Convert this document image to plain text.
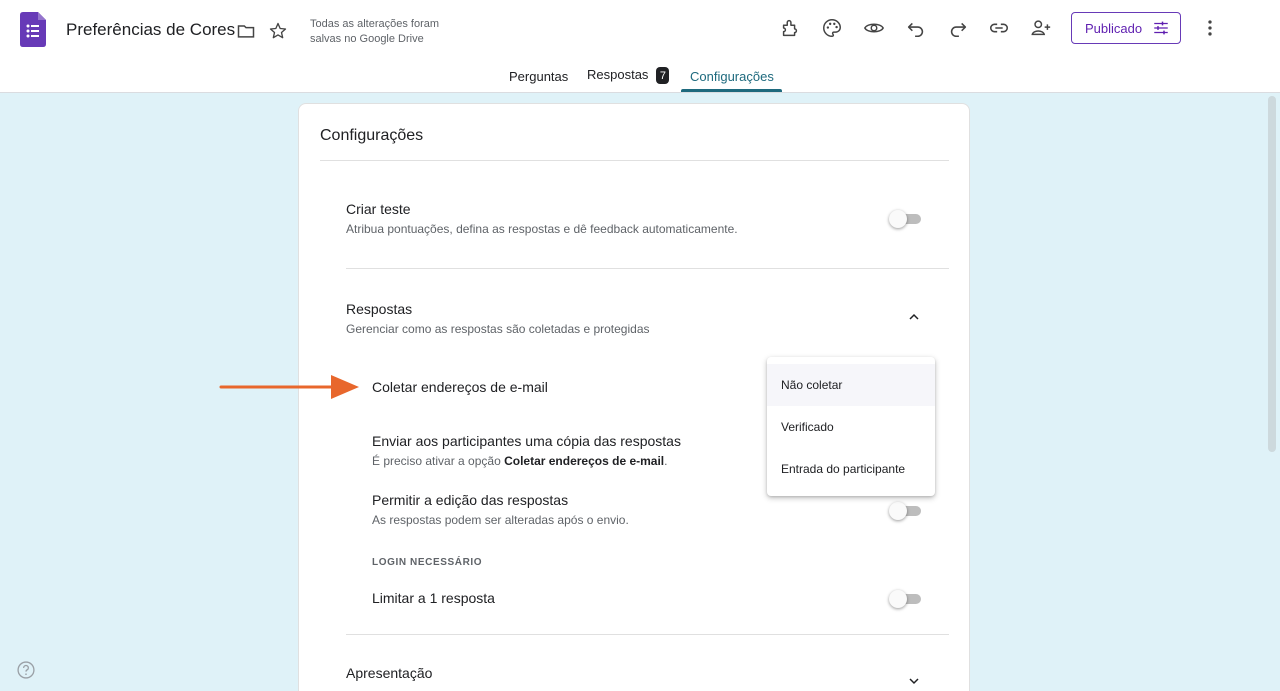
Preferências de Cores	Todas as alterações foram salvas no Google Drive
Publicado
Perguntas Respostas 7 Configurações
Configurações
Criar teste
Atribua pontuações, defina as respostas e dê feedback automaticamente.
Respostas
Gerenciar como as respostas são coletadas e protegidas
Coletar endereços de e-mail
Enviar aos participantes uma cópia das respostas
É preciso ativar a opção Coletar endereços de e-mail.
Permitir a edição das respostas
As respostas podem ser alteradas após o envio.
LOGIN NECESSÁRIO
Limitar a 1 resposta
Apresentação
Não coletar
Verificado
Entrada do participante
